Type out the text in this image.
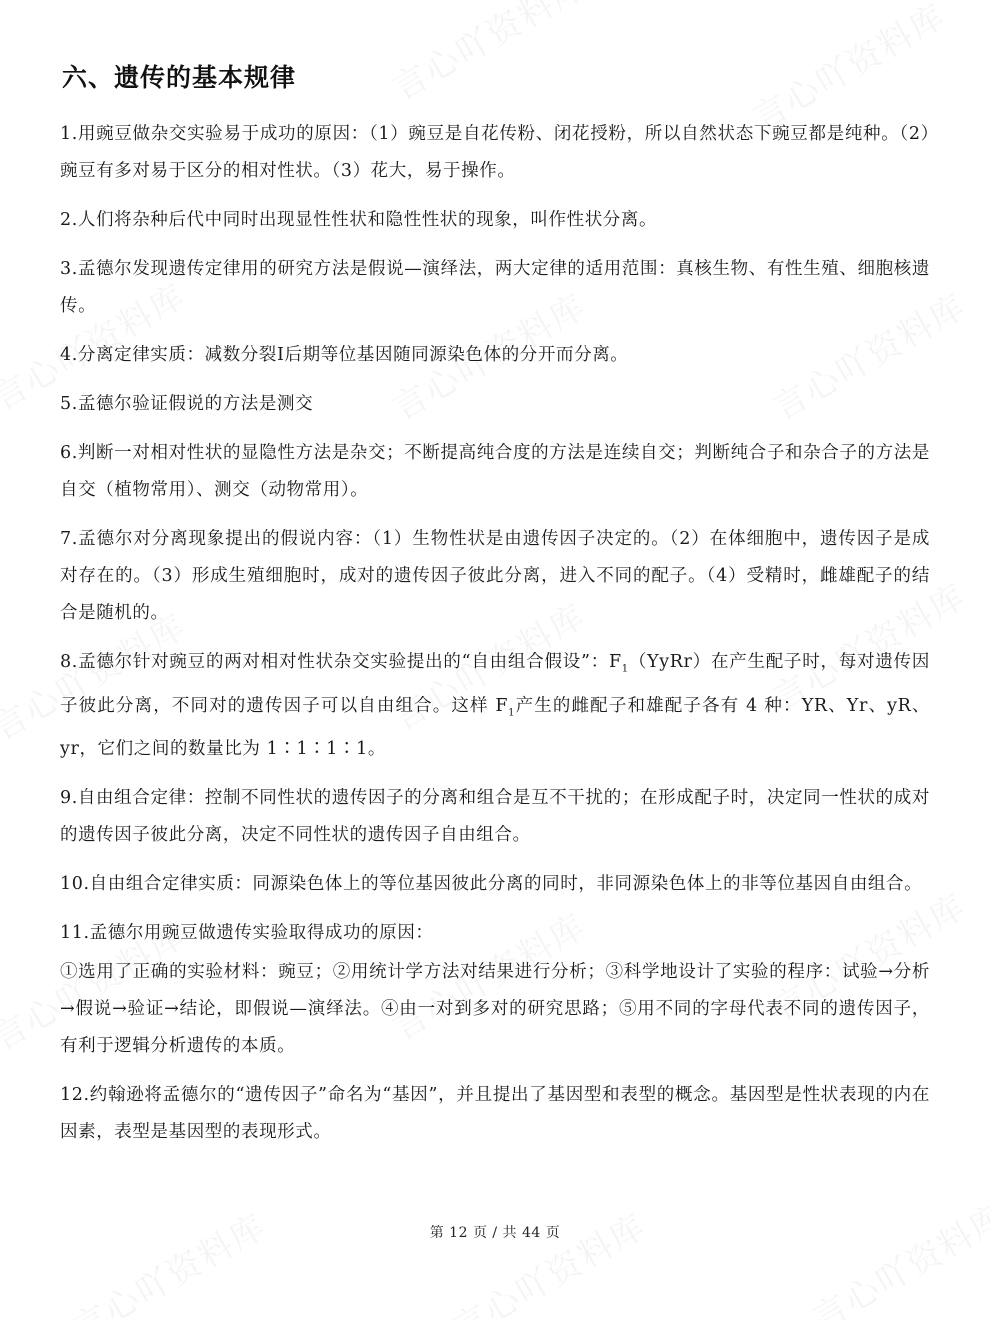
六、遗传的基本规律

1.用豌豆做杂交实验易于成功的原因：（1）豌豆是自花传粉、闭花授粉，所以自然状态下豌豆都是纯种。（2）豌豆有多对易于区分的相对性状。（3）花大，易于操作。

2.人们将杂种后代中同时出现显性性状和隐性性状的现象，叫作性状分离。

3.孟德尔发现遗传定律用的研究方法是假说—演绎法，两大定律的适用范围：真核生物、有性生殖、细胞核遗传。

4.分离定律实质：减数分裂Ⅰ后期等位基因随同源染色体的分开而分离。

5.孟德尔验证假说的方法是测交

6.判断一对相对性状的显隐性方法是杂交；不断提高纯合度的方法是连续自交；判断纯合子和杂合子的方法是自交（植物常用）、测交（动物常用）。

7.孟德尔对分离现象提出的假说内容：（1）生物性状是由遗传因子决定的。（2）在体细胞中，遗传因子是成对存在的。（3）形成生殖细胞时，成对的遗传因子彼此分离，进入不同的配子。（4）受精时，雌雄配子的结合是随机的。

8.孟德尔针对豌豆的两对相对性状杂交实验提出的“自由组合假设”：$F_1(YyRr)$在产生配子时，每对遗传因子彼此分离，不同对的遗传因子可以自由组合。这样 $F_1$产生的雌配子和雄配子各有 4 种：YR、Yr、yR、yr，它们之间的数量比为 1∶1∶1∶1。

9.自由组合定律：控制不同性状的遗传因子的分离和组合是互不干扰的；在形成配子时，决定同一性状的成对的遗传因子彼此分离，决定不同性状的遗传因子自由组合。

10.自由组合定律实质：同源染色体上的等位基因彼此分离的同时，非同源染色体上的非等位基因自由组合。

11.孟德尔用豌豆做遗传实验取得成功的原因：

①选用了正确的实验材料：豌豆；②用统计学方法对结果进行分析；③科学地设计了实验的程序：试验→分析→假说→验证→结论，即假说—演绎法。④由一对到多对的研究思路；⑤用不同的字母代表不同的遗传因子，有利于逻辑分析遗传的本质。

12.约翰逊将孟德尔的“遗传因子”命名为“基因”，并且提出了基因型和表型的概念。基因型是性状表现的内在因素，表型是基因型的表现形式。

第 12 页 / 共 44 页
